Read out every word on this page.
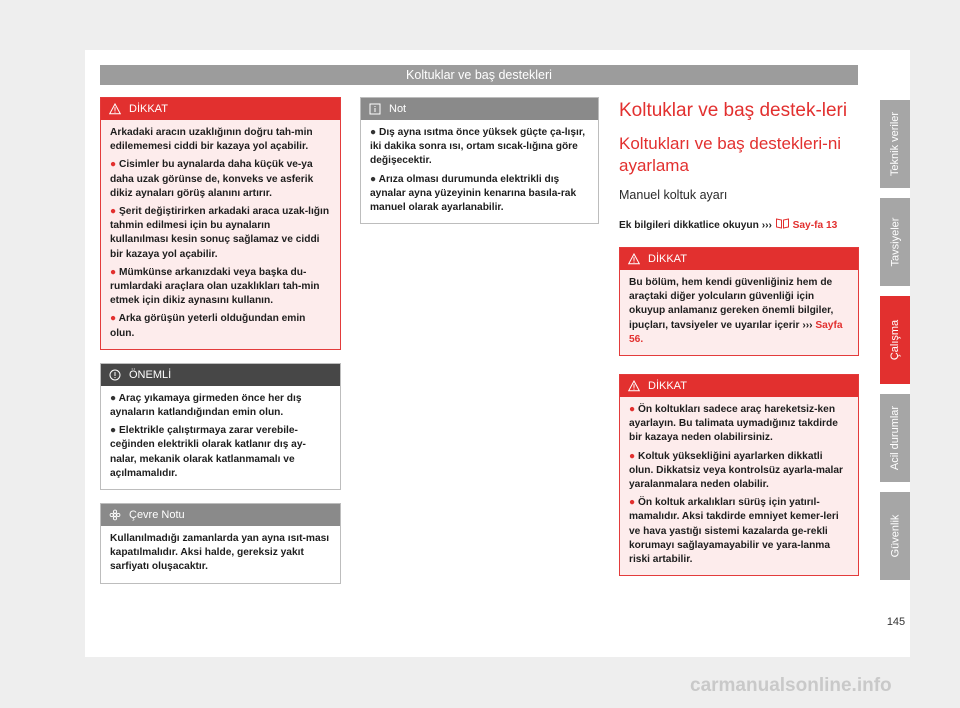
Koltuklar ve baş destekleri
DİKKAT

Arkadaki aracın uzaklığının doğru tah-min edilememesi ciddi bir kazaya yol açabilir.

● Cisimler bu aynalarda daha küçük ve-ya daha uzak görünse de, konveks ve asferik dikiz aynaları görüş alanını artırır.

● Şerit değiştirirken arkadaki araca uzak-lığın tahmin edilmesi için bu aynaların kullanılması kesin sonuç sağlamaz ve ciddi bir kazaya yol açabilir.

● Mümkünse arkanızdaki veya başka du-rumlardaki araçlara olan uzaklıkları tah-min etmek için dikiz aynasını kullanın.

● Arka görüşün yeterli olduğundan emin olun.

ÖNEMLİ

● Araç yıkamaya girmeden önce her dış aynaların katlandığından emin olun.

● Elektrikle çalıştırmaya zarar verebile-ceğinden elektrikli olarak katlanır dış ay-nalar, mekanik olarak katlanmamalı ve açılmamalıdır.

Çevre Notu

Kullanılmadığı zamanlarda yan ayna ısıt-ması kapatılmalıdır. Aksi halde, gereksiz yakıt sarfiyatı oluşacaktır.

Not

● Dış ayna ısıtma önce yüksek güçte ça-lışır, iki dakika sonra ısı, ortam sıcak-lığına göre değişecektir.

● Arıza olması durumunda elektrikli dış aynalar ayna yüzeyinin kenarına basıla-rak manuel olarak ayarlanabilir.

Koltuklar ve baş destek-leri
Koltukları ve baş destekleri-ni ayarlama
Manuel koltuk ayarı
Ek bilgileri dikkatlice okuyun ››› Say-fa 13
DİKKAT

Bu bölüm, hem kendi güvenliğiniz hem de araçtaki diğer yolcuların güvenliği için okuyup anlamanız gereken önemli bilgiler, ipuçları, tavsiyeler ve uyarılar içerir ››› Sayfa 56.

DİKKAT

● Ön koltukları sadece araç hareketsiz-ken ayarlayın. Bu talimata uymadığınız takdirde bir kazaya neden olabilirsiniz.

● Koltuk yüksekliğini ayarlarken dikkatli olun. Dikkatsiz veya kontrolsüz ayarla-malar yaralanmalara neden olabilir.

● Ön koltuk arkalıkları sürüş için yatırıl-mamalıdır. Aksi takdirde emniyet kemer-leri ve hava yastığı sistemi kazalarda ge-rekli korumayı sağlayamayabilir ve yara-lanma riski artabilir.

Teknik veriler
Tavsiyeler
Çalışma
Acil durumlar
Güvenlik
145
carmanualsonline.info
